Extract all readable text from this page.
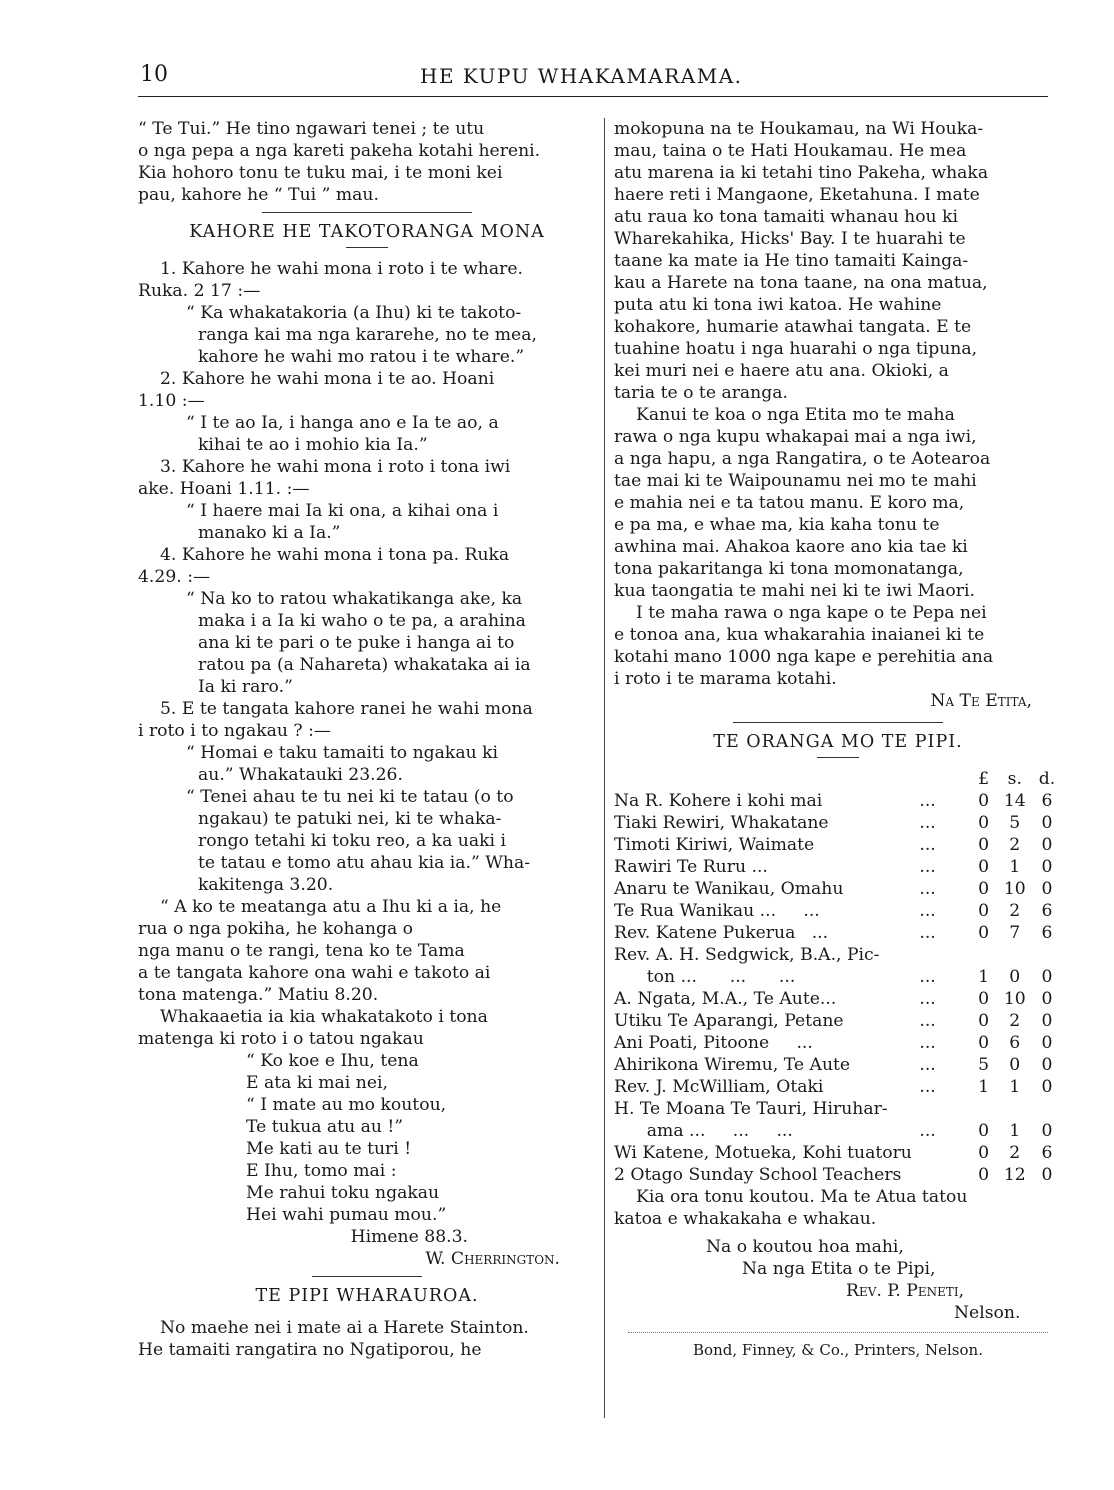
10	HE KUPU WHAKAMARAMA.

“ Te Tui.” He tino ngawari tenei ; te utu
o nga pepa a nga kareti pakeha kotahi hereni.
Kia hohoro tonu te tuku mai, i te moni kei
pau, kahore he “ Tui ” mau.

KAHORE HE TAKOTORANGA MONA
1. Kahore he wahi mona i roto i te whare.
Ruka. 2 17 :—
“ Ka whakatakoria (a Ihu) ki te takoto-
ranga kai ma nga kararehe, no te mea,
kahore he wahi mo ratou i te whare.”
2. Kahore he wahi mona i te ao. Hoani
1.10 :—
“ I te ao Ia, i hanga ano e Ia te ao, a
kihai te ao i mohio kia Ia.”
3. Kahore he wahi mona i roto i tona iwi
ake. Hoani 1.11. :—
“ I haere mai Ia ki ona, a kihai ona i
manako ki a Ia.”
4. Kahore he wahi mona i tona pa. Ruka
4.29. :—
“ Na ko to ratou whakatikanga ake, ka
maka i a Ia ki waho o te pa, a arahina
ana ki te pari o te puke i hanga ai to
ratou pa (a Nahareta) whakataka ai ia
Ia ki raro.”
5. E te tangata kahore ranei he wahi mona
i roto i to ngakau ? :—
“ Homai e taku tamaiti to ngakau ki
au.” Whakatauki 23.26.
“ Tenei ahau te tu nei ki te tatau (o to
ngakau) te patuki nei, ki te whaka-
rongo tetahi ki toku reo, a ka uaki i
te tatau e tomo atu ahau kia ia.” Wha-
kakitenga 3.20.
“ A ko te meatanga atu a Ihu ki a ia, he
rua o nga pokiha, he kohanga o
nga manu o te rangi, tena ko te Tama
a te tangata kahore ona wahi e takoto ai
tona matenga.” Matiu 8.20.
Whakaaetia ia kia whakatakoto i tona
matenga ki roto i o tatou ngakau
“ Ko koe e Ihu, tena
E ata ki mai nei,
“ I mate au mo koutou,
Te tukua atu au !”
Me kati au te turi !
E Ihu, tomo mai :
Me rahui toku ngakau
Hei wahi pumau mou.”
Himene 88.3.
W. Cherrington.
TE PIPI WHARAUROA.
No maehe nei i mate ai a Harete Stainton.
He tamaiti rangatira no Ngatiporou, he
mokopuna na te Houkamau, na Wi Houka-
mau, taina o te Hati Houkamau. He mea
atu marena ia ki tetahi tino Pakeha, whaka
haere reti i Mangaone, Eketahuna. I mate
atu raua ko tona tamaiti whanau hou ki
Wharekahika, Hicks' Bay. I te huarahi te
taane ka mate ia He tino tamaiti Kainga-
kau a Harete na tona taane, na ona matua,
puta atu ki tona iwi katoa. He wahine
kohakore, humarie atawhai tangata. E te
tuahine hoatu i nga huarahi o nga tipuna,
kei muri nei e haere atu ana. Okioki, a
taria te o te aranga.
Kanui te koa o nga Etita mo te maha
rawa o nga kupu whakapai mai a nga iwi,
a nga hapu, a nga Rangatira, o te Aotearoa
tae mai ki te Waipounamu nei mo te mahi
e mahia nei e ta tatou manu. E koro ma,
e pa ma, e whae ma, kia kaha tonu te
awhina mai. Ahakoa kaore ano kia tae ki
tona pakaritanga ki tona momonatanga,
kua taongatia te mahi nei ki te iwi Maori.
I te maha rawa o nga kape o te Pepa nei
e tonoa ana, kua whakarahia inaianei ki te
kotahi mano 1000 nga kape e perehitia ana
i roto i te marama kotahi.
Na Te Etita,
TE ORANGA MO TE PIPI.
		£	s.	d.
Na R. Kohere i kohi mai	...	0	14	6
Tiaki Rewiri, Whakatane	...	0	5	0
Timoti Kiriwi, Waimate	...	0	2	0
Rawiri Te Ruru ...	...	0	1	0
Anaru te Wanikau, Omahu	...	0	10	0
Te Rua Wanikau ...     ...	...	0	2	6
Rev. Katene Pukerua   ...	...	0	7	6
Rev. A. H. Sedgwick, B.A., Pic-				
ton ...      ...      ...	...	1	0	0
A. Ngata, M.A., Te Aute...	...	0	10	0
Utiku Te Aparangi, Petane	...	0	2	0
Ani Poati, Pitoone     ...	...	0	6	0
Ahirikona Wiremu, Te Aute	...	5	0	0
Rev. J. McWilliam, Otaki	...	1	1	0
H. Te Moana Te Tauri, Hiruhar-				
ama ...     ...     ...	...	0	1	0
Wi Katene, Motueka, Kohi tuatoru		0	2	6
2 Otago Sunday School Teachers		0	12	0
Kia ora tonu koutou. Ma te Atua tatou
katoa e whakakaha e whakau.
Na o koutou hoa mahi,
Na nga Etita o te Pipi,
Rev. P. Peneti,
Nelson.
Bond, Finney, & Co., Printers, Nelson.
